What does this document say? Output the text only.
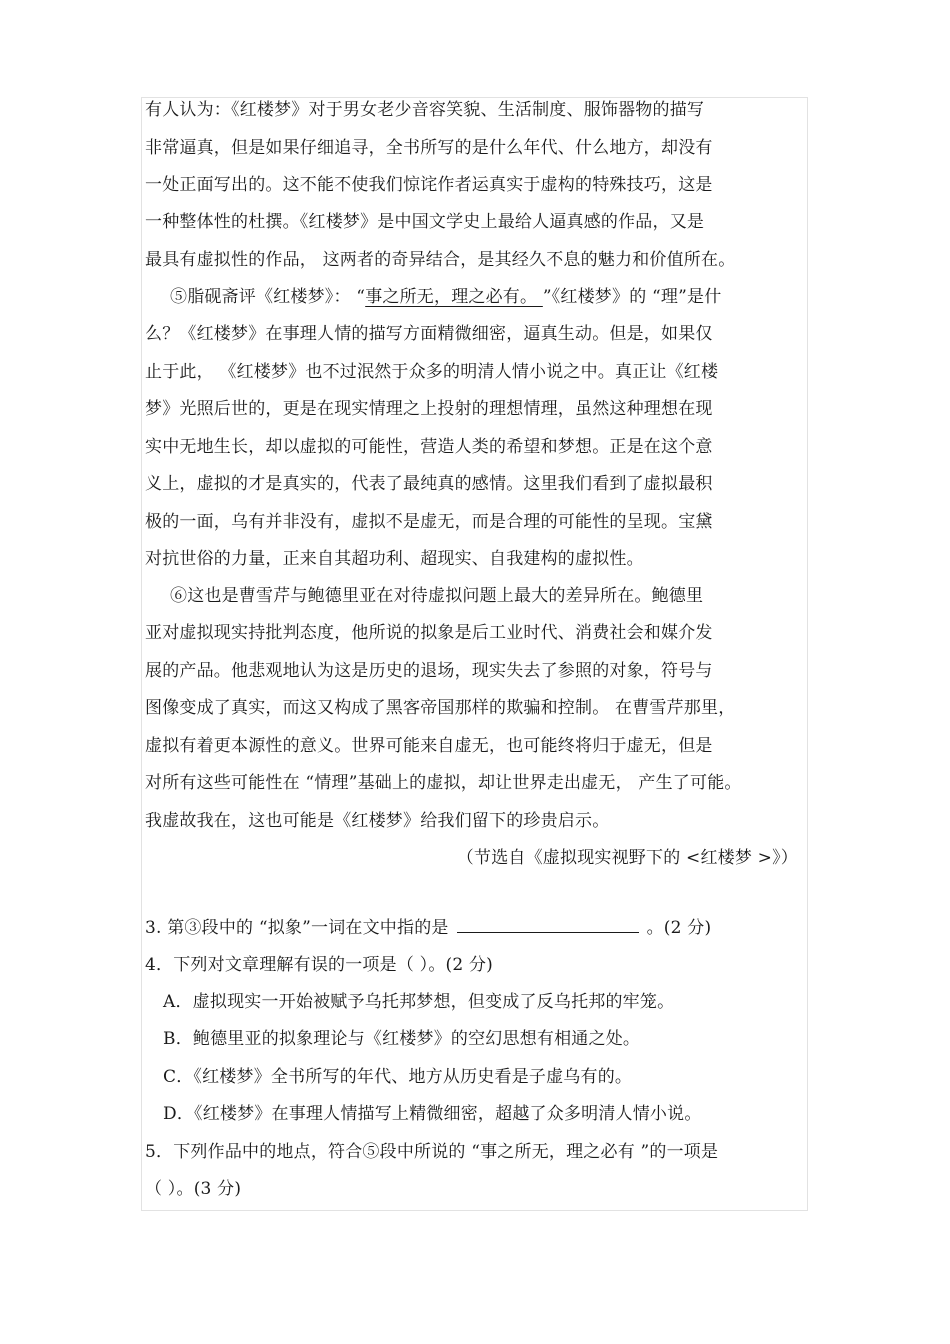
有人认为：《红楼梦》对于男女老少音容笑貌、生活制度、服饰器物的描写
非常逼真，但是如果仔细追寻，全书所写的是什么年代、什么地方，却没有
一处正面写出的。这不能不使我们惊诧作者运真实于虚构的特殊技巧，这是
一种整体性的杜撰。《红楼梦》是中国文学史上最给人逼真感的作品，又是
最具有虚拟性的作品， 这两者的奇异结合，是其经久不息的魅力和价值所在。
⑤脂砚斋评《红楼梦》： “事之所无，理之必有。 ”《红楼梦》的 “理”是什
么？《红楼梦》在事理人情的描写方面精微细密，逼真生动。但是，如果仅
止于此， 《红楼梦》也不过泯然于众多的明清人情小说之中。真正让《红楼
梦》光照后世的，更是在现实情理之上投射的理想情理，虽然这种理想在现
实中无地生长，却以虚拟的可能性，营造人类的希望和梦想。正是在这个意
义上，虚拟的才是真实的，代表了最纯真的感情。这里我们看到了虚拟最积
极的一面，乌有并非没有，虚拟不是虚无，而是合理的可能性的呈现。宝黛
对抗世俗的力量，正来自其超功利、超现实、自我建构的虚拟性。
⑥这也是曹雪芹与鲍德里亚在对待虚拟问题上最大的差异所在。鲍德里
亚对虚拟现实持批判态度，他所说的拟象是后工业时代、消费社会和媒介发
展的产品。他悲观地认为这是历史的退场，现实失去了参照的对象，符号与
图像变成了真实，而这又构成了黑客帝国那样的欺骗和控制。 在曹雪芹那里，
虚拟有着更本源性的意义。世界可能来自虚无，也可能终将归于虚无，但是
对所有这些可能性在 “情理”基础上的虚拟，却让世界走出虚无， 产生了可能。
我虚故我在，这也可能是《红楼梦》给我们留下的珍贵启示。
（节选自《虚拟现实视野下的 <红楼梦 >》）
3. 第③段中的 “拟象”一词在文中指的是	。(2 分)
4．下列对文章理解有误的一项是（ ）。(2 分)
A．虚拟现实一开始被赋予乌托邦梦想，但变成了反乌托邦的牢笼。
B．鲍德里亚的拟象理论与《红楼梦》的空幻思想有相通之处。
C．《红楼梦》全书所写的年代、地方从历史看是子虚乌有的。
D．《红楼梦》在事理人情描写上精微细密，超越了众多明清人情小说。
5．下列作品中的地点，符合⑤段中所说的 “事之所无，理之必有 ”的一项是
（ ）。(3 分)
